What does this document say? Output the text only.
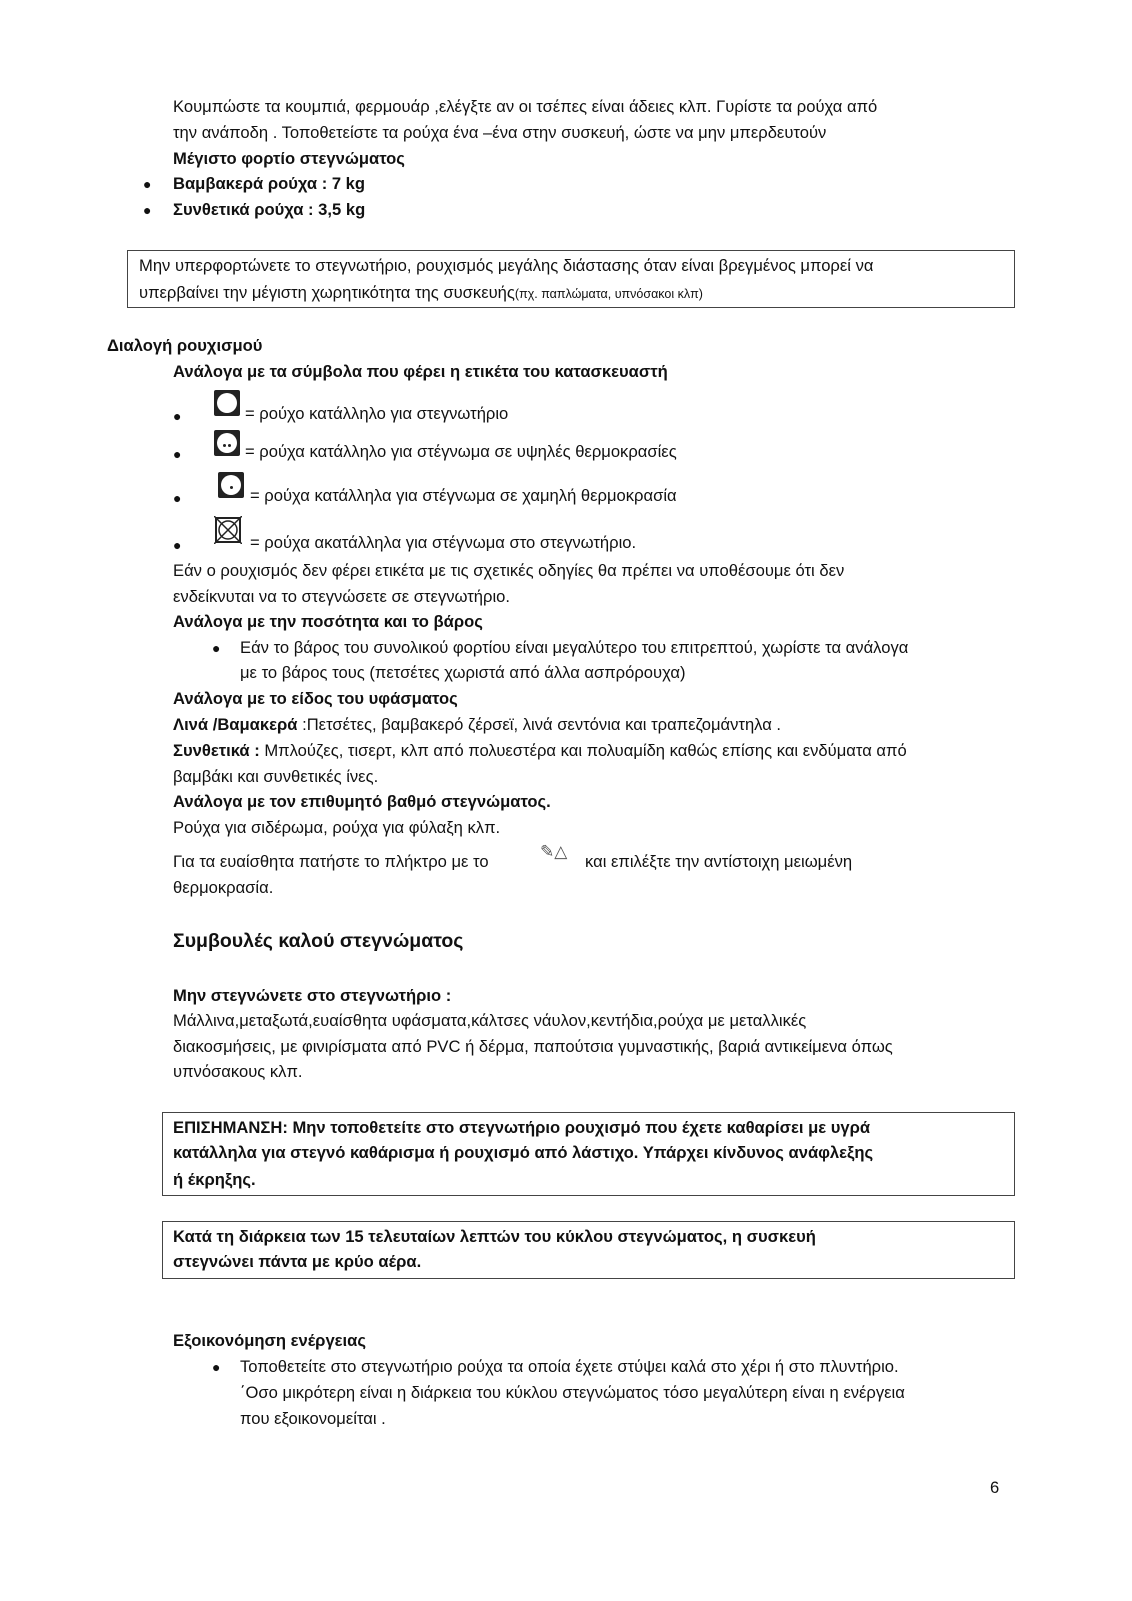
Κουμπώστε τα κουμπιά, φερμουάρ ,ελέγξτε αν οι τσέπες είναι άδειες κλπ. Γυρίστε τα ρούχα από
την ανάποδη . Τοποθετείστε τα ρούχα ένα –ένα στην συσκευή, ώστε να μην μπερδευτούν
Μέγιστο φορτίο στεγνώματος
● Βαμβακερά ρούχα : 7 kg
● Συνθετικά ρούχα : 3,5 kg
Μην υπερφορτώνετε το στεγνωτήριο, ρουχισμός μεγάλης διάστασης όταν είναι βρεγμένος μπορεί να
υπερβαίνει την μέγιστη χωρητικότητα της συσκευής(πχ. παπλώματα, υπνόσακοι κλπ)
Διαλογή ρουχισμού
Ανάλογα με τα σύμβολα που φέρει η ετικέτα του κατασκευαστή
●	= ρούχο κατάλληλο για στεγνωτήριο
●	= ρούχα κατάλληλο για στέγνωμα σε υψηλές θερμοκρασίες
●	= ρούχα κατάλληλα για στέγνωμα σε χαμηλή θερμοκρασία
●	= ρούχα ακατάλληλα για στέγνωμα στο στεγνωτήριο.
Εάν ο ρουχισμός δεν φέρει ετικέτα με τις σχετικές οδηγίες θα πρέπει να υποθέσουμε ότι δεν
ενδείκνυται να το στεγνώσετε σε στεγνωτήριο.
Ανάλογα με την ποσότητα και το βάρος
● Εάν το βάρος του συνολικού φορτίου είναι μεγαλύτερο του επιτρεπτού, χωρίστε τα ανάλογα
με το βάρος τους (πετσέτες χωριστά από άλλα ασπρόρουχα)
Ανάλογα με το είδος του υφάσματος
Λινά /Βαμακερά :Πετσέτες, βαμβακερό ζέρσεϊ, λινά σεντόνια και τραπεζομάντηλα .
Συνθετικά : Μπλούζες, τισερτ, κλπ από πολυεστέρα και πολυαμίδη καθώς επίσης και ενδύματα από
βαμβάκι και συνθετικές ίνες.
Ανάλογα με τον επιθυμητό βαθμό στεγνώματος.
Ρούχα για σιδέρωμα, ρούχα για φύλαξη κλπ.
Για τα ευαίσθητα πατήστε το πλήκτρο με το
✎△
και επιλέξτε την αντίστοιχη μειωμένη
θερμοκρασία.
Συμβουλές καλού στεγνώματος
Μην στεγνώνετε στο στεγνωτήριο :
Μάλλινα,μεταξωτά,ευαίσθητα υφάσματα,κάλτσες νάυλον,κεντήδια,ρούχα με μεταλλικές
διακοσμήσεις, με φινιρίσματα από PVC ή δέρμα, παπούτσια γυμναστικής, βαριά αντικείμενα όπως
υπνόσακους κλπ.
ΕΠΙΣΗΜΑΝΣΗ: Μην τοποθετείτε στο στεγνωτήριο ρουχισμό που έχετε καθαρίσει με υγρά
κατάλληλα για στεγνό καθάρισμα ή ρουχισμό από λάστιχο. Υπάρχει κίνδυνος ανάφλεξης
ή έκρηξης.
Κατά τη διάρκεια των 15 τελευταίων λεπτών του κύκλου στεγνώματος, η συσκευή
στεγνώνει πάντα με κρύο αέρα.
Εξοικονόμηση ενέργειας
● Τοποθετείτε στο στεγνωτήριο ρούχα τα οποία έχετε στύψει καλά στο χέρι ή στο πλυντήριο.
΄Οσο μικρότερη είναι η διάρκεια του κύκλου στεγνώματος τόσο μεγαλύτερη είναι η ενέργεια
που εξοικονομείται .
6
